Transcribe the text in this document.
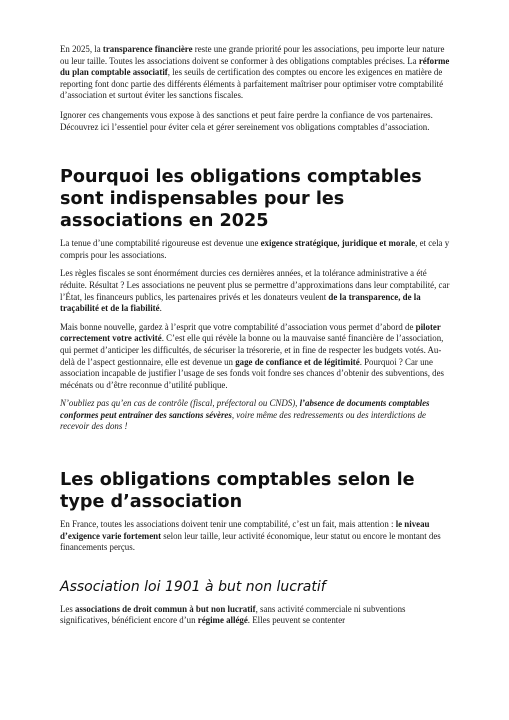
En 2025, la transparence financière reste une grande priorité pour les associations, peu importe leur nature ou leur taille. Toutes les associations doivent se conformer à des obligations comptables précises. La réforme du plan comptable associatif, les seuils de certification des comptes ou encore les exigences en matière de reporting font donc partie des différents éléments à parfaitement maîtriser pour optimiser votre comptabilité d’association et surtout éviter les sanctions fiscales.

Ignorer ces changements vous expose à des sanctions et peut faire perdre la confiance de vos partenaires.
Découvrez ici l’essentiel pour éviter cela et gérer sereinement vos obligations comptables d’association.

Pourquoi les obligations comptables sont indispensables pour les associations en 2025

La tenue d’une comptabilité rigoureuse est devenue une exigence stratégique, juridique et morale, et cela y compris pour les associations.

Les règles fiscales se sont énormément durcies ces dernières années, et la tolérance administrative a été réduite. Résultat ? Les associations ne peuvent plus se permettre d’approximations dans leur comptabilité, car l’État, les financeurs publics, les partenaires privés et les donateurs veulent de la transparence, de la traçabilité et de la fiabilité.

Mais bonne nouvelle, gardez à l’esprit que votre comptabilité d’association vous permet d’abord de piloter correctement votre activité. C’est elle qui révèle la bonne ou la mauvaise santé financière de l’association, qui permet d’anticiper les difficultés, de sécuriser la trésorerie, et in fine de respecter les budgets votés. Au-delà de l’aspect gestionnaire, elle est devenue un gage de confiance et de légitimité. Pourquoi ? Car une association incapable de justifier l’usage de ses fonds voit fondre ses chances d’obtenir des subventions, des mécénats ou d’être reconnue d’utilité publique.

N’oubliez pas qu’en cas de contrôle (fiscal, préfectoral ou CNDS), l’absence de documents comptables conformes peut entraîner des sanctions sévères, voire même des redressements ou des interdictions de recevoir des dons !

Les obligations comptables selon le type d’association

En France, toutes les associations doivent tenir une comptabilité, c’est un fait, mais attention : le niveau d’exigence varie fortement selon leur taille, leur activité économique, leur statut ou encore le montant des financements perçus.

Association loi 1901 à but non lucratif

Les associations de droit commun à but non lucratif, sans activité commerciale ni subventions significatives, bénéficient encore d’un régime allégé. Elles peuvent se contenter
